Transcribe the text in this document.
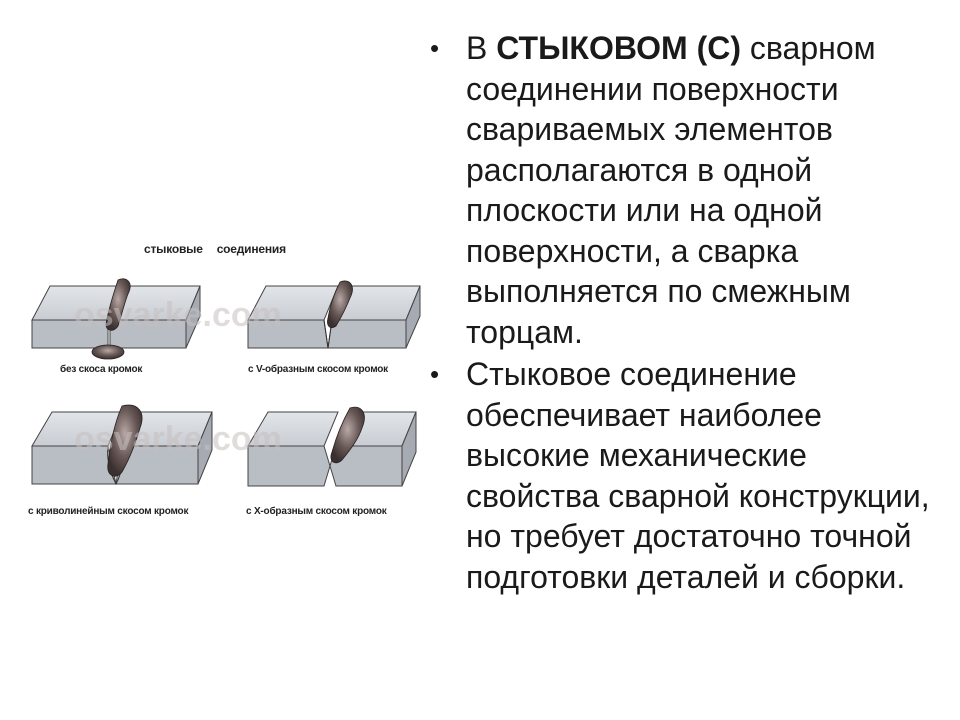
стыковые соединения
osvarke.com
osvarke.com
без скоса кромок	с V-образным скосом кромок
с криволинейным скосом кромок	с X-образным скосом кромок
• В СТЫКОВОМ (С) сварном соединении поверхности свариваемых элементов располагаются в одной плоскости или на одной поверхности, а сварка выполняется по смежным торцам.
• Стыковое соединение обеспечивает наиболее высокие механические свойства сварной конструкции, но требует достаточно точной подготовки деталей и сборки.
